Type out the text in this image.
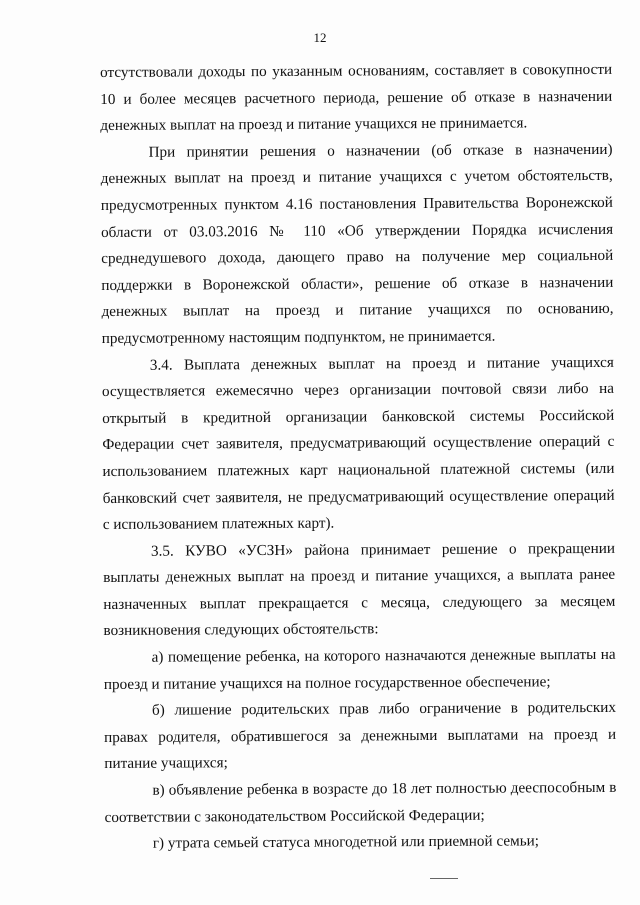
12

отсутствовали доходы по указанным основаниям, составляет в совокупности 10 и более месяцев расчетного периода, решение об отказе в назначении денежных выплат на проезд и питание учащихся не принимается.

При принятии решения о назначении (об отказе в назначении) денежных выплат на проезд и питание учащихся с учетом обстоятельств, предусмотренных пунктом 4.16 постановления Правительства Воронежской области от 03.03.2016 № 110 «Об утверждении Порядка исчисления среднедушевого дохода, дающего право на получение мер социальной поддержки в Воронежской области», решение об отказе в назначении денежных выплат на проезд и питание учащихся по основанию, предусмотренному настоящим подпунктом, не принимается.

3.4. Выплата денежных выплат на проезд и питание учащихся осуществляется ежемесячно через организации почтовой связи либо на открытый в кредитной организации банковской системы Российской Федерации счет заявителя, предусматривающий осуществление операций с использованием платежных карт национальной платежной системы (или банковский счет заявителя, не предусматривающий осуществление операций с использованием платежных карт).

3.5. КУВО «УСЗН» района принимает решение о прекращении выплаты денежных выплат на проезд и питание учащихся, а выплата ранее назначенных выплат прекращается с месяца, следующего за месяцем возникновения следующих обстоятельств:

а) помещение ребенка, на которого назначаются денежные выплаты на проезд и питание учащихся на полное государственное обеспечение;

б) лишение родительских прав либо ограничение в родительских правах родителя, обратившегося за денежными выплатами на проезд и питание учащихся;

в) объявление ребенка в возрасте до 18 лет полностью дееспособным в соответствии с законодательством Российской Федерации;

г) утрата семьей статуса многодетной или приемной семьи;
